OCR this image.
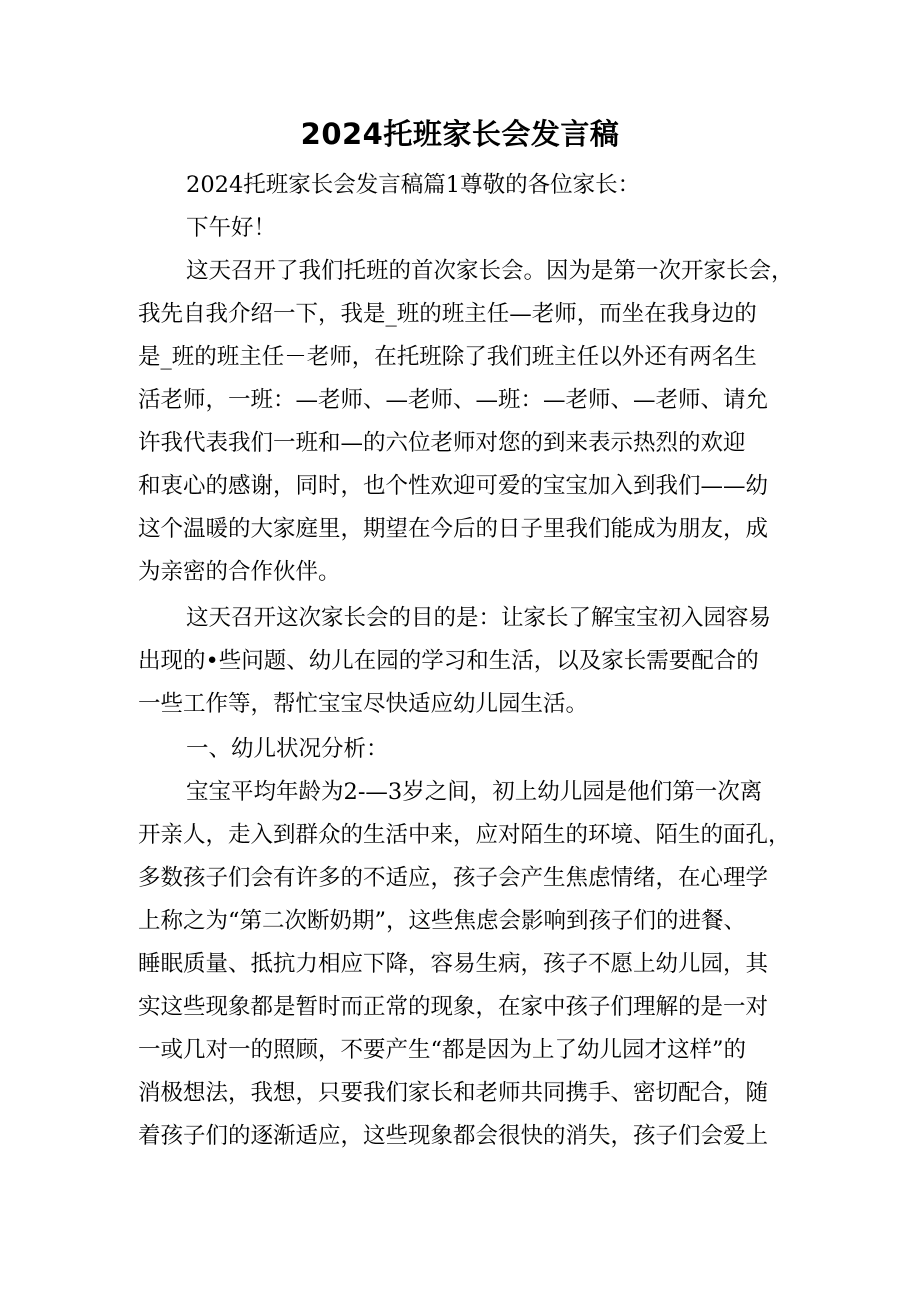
2024托班家长会发言稿

2024托班家长会发言稿篇1尊敬的各位家长：

下午好！

这天召开了我们托班的首次家长会。因为是第一次开家长会，

我先自我介绍一下，我是_班的班主任—老师，而坐在我身边的

是_班的班主任－老师，在托班除了我们班主任以外还有两名生

活老师，一班：—老师、—老师、—班：—老师、—老师、请允

许我代表我们一班和—的六位老师对您的到来表示热烈的欢迎

和衷心的感谢，同时，也个性欢迎可爱的宝宝加入到我们——幼

这个温暖的大家庭里，期望在今后的日子里我们能成为朋友，成

为亲密的合作伙伴。

这天召开这次家长会的目的是：让家长了解宝宝初入园容易

出现的•些问题、幼儿在园的学习和生活，以及家长需要配合的

一些工作等，帮忙宝宝尽快适应幼儿园生活。

一、幼儿状况分析：

宝宝平均年龄为2-—3岁之间，初上幼儿园是他们第一次离

开亲人，走入到群众的生活中来，应对陌生的环境、陌生的面孔，

多数孩子们会有许多的不适应，孩子会产生焦虑情绪，在心理学

上称之为“第二次断奶期”，这些焦虑会影响到孩子们的进餐、

睡眠质量、抵抗力相应下降，容易生病，孩子不愿上幼儿园，其

实这些现象都是暂时而正常的现象，在家中孩子们理解的是一对

一或几对一的照顾，不要产生“都是因为上了幼儿园才这样”的

消极想法，我想，只要我们家长和老师共同携手、密切配合，随

着孩子们的逐渐适应，这些现象都会很快的消失，孩子们会爱上
